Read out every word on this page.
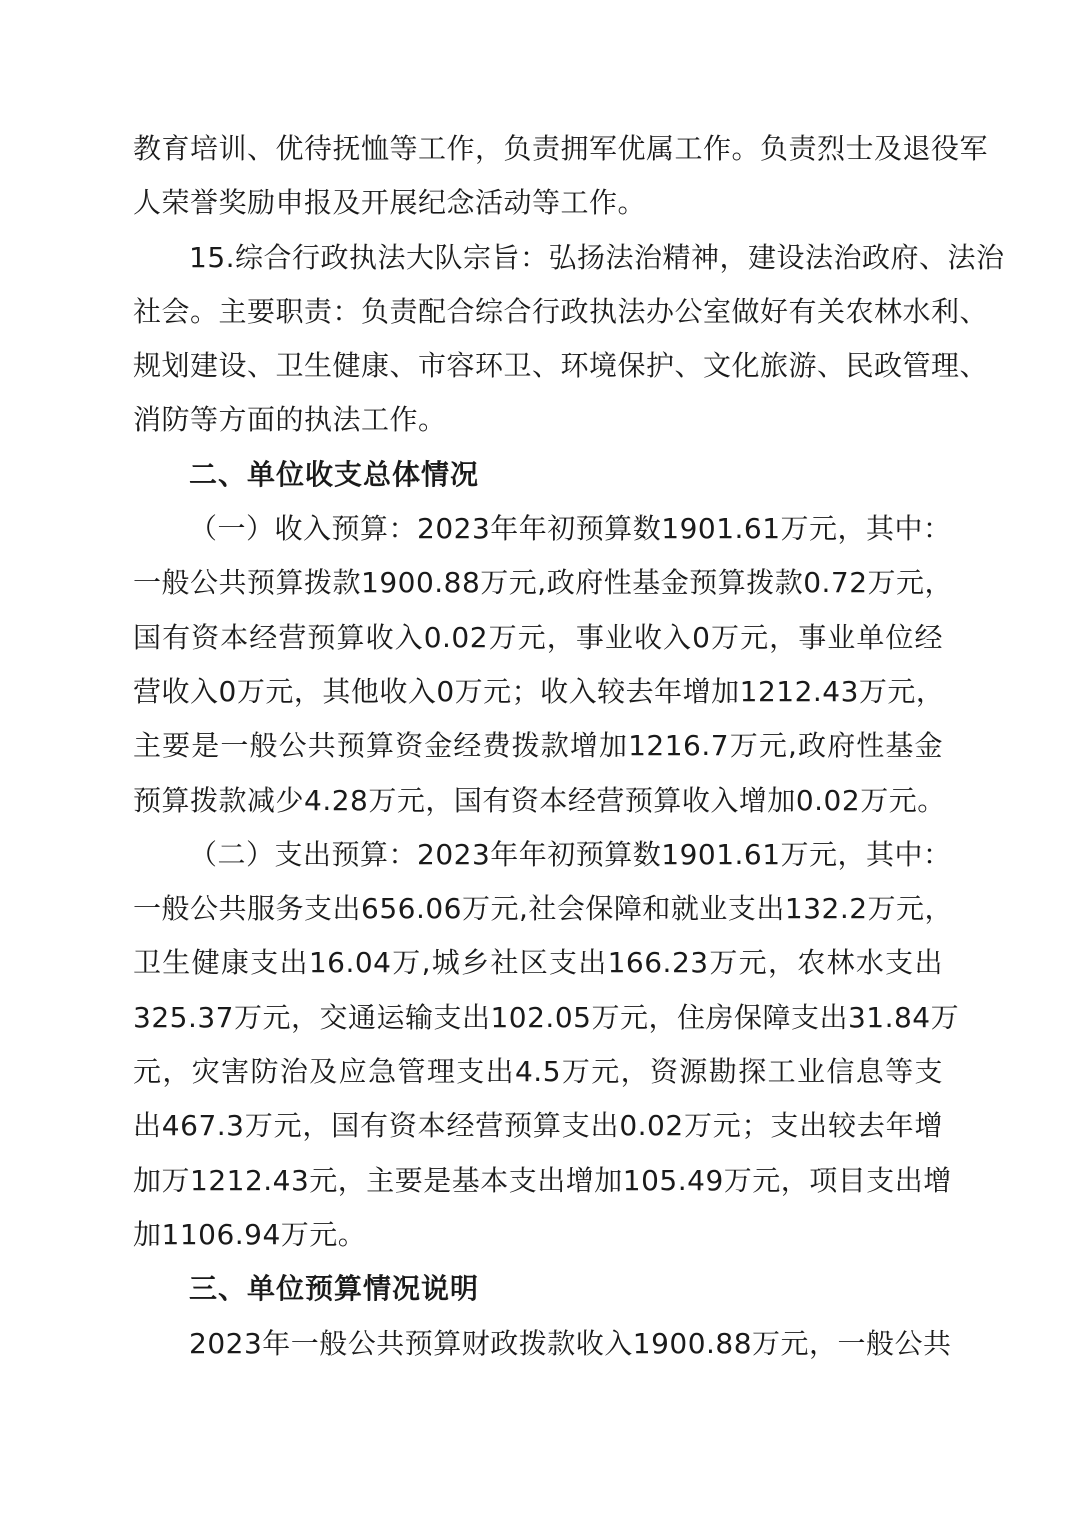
教育培训、优待抚恤等工作，负责拥军优属工作。负责烈士及退役军
人荣誉奖励申报及开展纪念活动等工作。
15.综合行政执法大队宗旨：弘扬法治精神，建设法治政府、法治
社会。主要职责：负责配合综合行政执法办公室做好有关农林水利、
规划建设、卫生健康、市容环卫、环境保护、文化旅游、民政管理、
消防等方面的执法工作。
二、单位收支总体情况
（一）收入预算：2023年年初预算数1901.61万元，其中：
一般公共预算拨款1900.88万元,政府性基金预算拨款0.72万元，
国有资本经营预算收入0.02万元，事业收入0万元，事业单位经
营收入0万元，其他收入0万元；收入较去年增加1212.43万元，
主要是一般公共预算资金经费拨款增加1216.7万元,政府性基金
预算拨款减少4.28万元，国有资本经营预算收入增加0.02万元。
（二）支出预算：2023年年初预算数1901.61万元，其中：
一般公共服务支出656.06万元,社会保障和就业支出132.2万元，
卫生健康支出16.04万,城乡社区支出166.23万元，农林水支出
325.37万元，交通运输支出102.05万元，住房保障支出31.84万
元，灾害防治及应急管理支出4.5万元，资源勘探工业信息等支
出467.3万元，国有资本经营预算支出0.02万元；支出较去年增
加万1212.43元，主要是基本支出增加105.49万元，项目支出增
加1106.94万元。
三、单位预算情况说明
2023年一般公共预算财政拨款收入1900.88万元，一般公共
